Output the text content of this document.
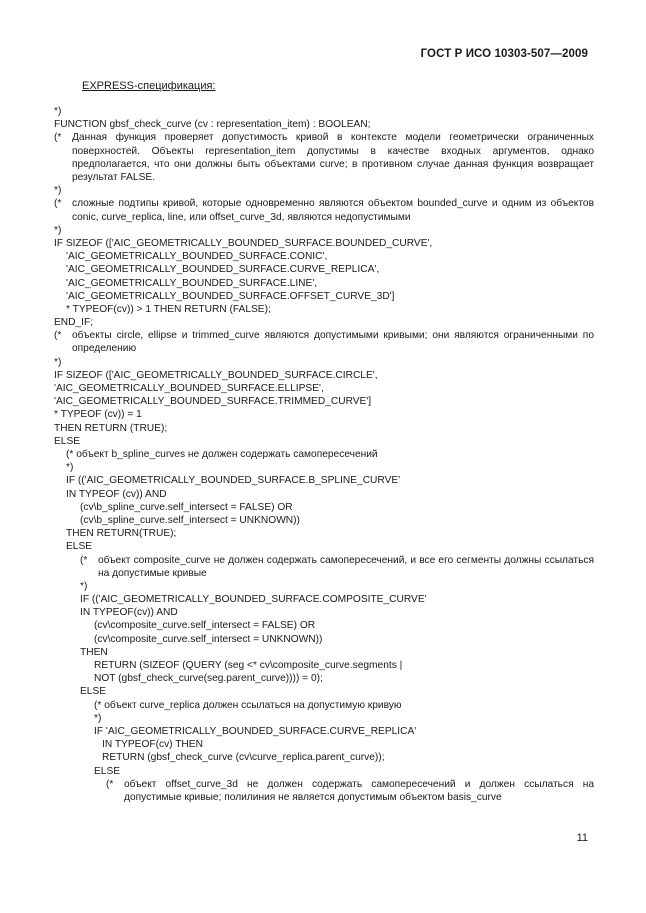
ГОСТ Р ИСО 10303-507—2009
EXPRESS-спецификация:
*)
FUNCTION gbsf_check_curve (cv : representation_item) : BOOLEAN;
(*	Данная функция проверяет допустимость кривой в контексте модели геометрически ограниченных поверхностей. Объекты representation_item допустимы в качестве входных аргументов, однако предполагается, что они должны быть объектами curve; в противном случае данная функция возвращает результат FALSE.
*)
(*	сложные подтипы кривой, которые одновременно являются объектом bounded_curve и одним из объектов conic, curve_replica, line, или offset_curve_3d, являются недопустимыми
*)
IF SIZEOF (['AIC_GEOMETRICALLY_BOUNDED_SURFACE.BOUNDED_CURVE',
'AIC_GEOMETRICALLY_BOUNDED_SURFACE.CONIC',
'AIC_GEOMETRICALLY_BOUNDED_SURFACE.CURVE_REPLICA',
'AIC_GEOMETRICALLY_BOUNDED_SURFACE.LINE',
'AIC_GEOMETRICALLY_BOUNDED_SURFACE.OFFSET_CURVE_3D']
* TYPEOF(cv)) > 1 THEN RETURN (FALSE);
END_IF;
(*	объекты circle, ellipse и trimmed_curve являются допустимыми кривыми; они являются ограниченными по определению
*)
IF SIZEOF (['AIC_GEOMETRICALLY_BOUNDED_SURFACE.CIRCLE',
'AIC_GEOMETRICALLY_BOUNDED_SURFACE.ELLIPSE',
'AIC_GEOMETRICALLY_BOUNDED_SURFACE.TRIMMED_CURVE']
* TYPEOF (cv)) = 1
THEN RETURN (TRUE);
ELSE
(* объект b_spline_curves не должен содержать самопересечений
*)
IF (('AIC_GEOMETRICALLY_BOUNDED_SURFACE.B_SPLINE_CURVE'
IN TYPEOF (cv)) AND
(cv\b_spline_curve.self_intersect = FALSE) OR
(cv\b_spline_curve.self_intersect = UNKNOWN))
THEN RETURN(TRUE);
ELSE
(*	объект composite_curve не должен содержать самопересечений, и все его сегменты должны ссылаться на допустимые кривые
*)
IF (('AIC_GEOMETRICALLY_BOUNDED_SURFACE.COMPOSITE_CURVE'
IN TYPEOF(cv)) AND
(cv\composite_curve.self_intersect = FALSE) OR
(cv\composite_curve.self_intersect = UNKNOWN))
THEN
RETURN (SIZEOF (QUERY (seg <* cv\composite_curve.segments |
NOT (gbsf_check_curve(seg.parent_curve)))) = 0);
ELSE
(* объект curve_replica должен ссылаться на допустимую кривую
*)
IF 'AIC_GEOMETRICALLY_BOUNDED_SURFACE.CURVE_REPLICA'
IN TYPEOF(cv) THEN
RETURN (gbsf_check_curve (cv\curve_replica.parent_curve));
ELSE
(*	объект offset_curve_3d не должен содержать самопересечений и должен ссылаться на допустимые кривые; полилиния не является допустимым объектом basis_curve
11
